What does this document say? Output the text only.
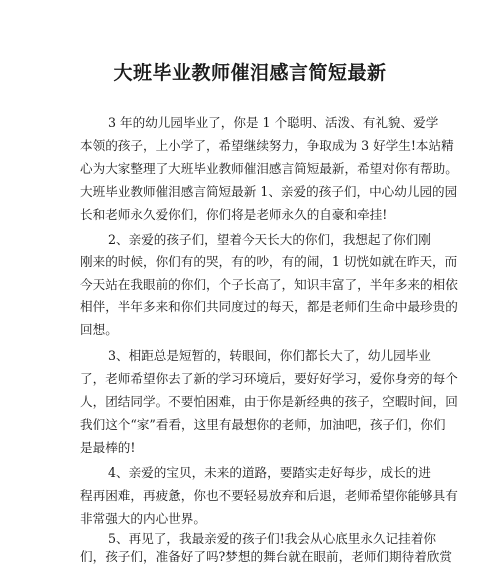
大班毕业教师催泪感言简短最新
3 年的幼儿园毕业了，你是 1 个聪明、活泼、有礼貌、爱学
本领的孩子，上小学了，希望继续努力，争取成为 3 好学生!本站精
心为大家整理了大班毕业教师催泪感言简短最新，希望对你有帮助。
大班毕业教师催泪感言简短最新 1、亲爱的孩子们，中心幼儿园的园
长和老师永久爱你们，你们将是老师永久的自豪和牵挂!
2、亲爱的孩子们，望着今天长大的你们，我想起了你们刚
刚来的时候，你们有的哭，有的吵，有的闹，1 切恍如就在昨天，而
今天站在我眼前的你们，个子长高了，知识丰富了，半年多来的相依
相伴，半年多来和你们共同度过的每天，都是老师们生命中最珍贵的
回想。
3、相距总是短暂的，转眼间，你们都长大了，幼儿园毕业
了，老师希望你去了新的学习环境后，要好好学习，爱你身旁的每个
人，团结同学。不要怕困难，由于你是新经典的孩子，空暇时间，回
我们这个“家”看看，这里有最想你的老师，加油吧，孩子们，你们
是最棒的!
4、亲爱的宝贝，未来的道路，要踏实走好每步，成长的进
程再困难，再疲惫，你也不要轻易放弃和后退，老师希望你能够具有
非常强大的内心世界。
5、再见了，我最亲爱的孩子们!我会从心底里永久记挂着你
们，孩子们，准备好了吗?梦想的舞台就在眼前，老师们期待着欣赏
